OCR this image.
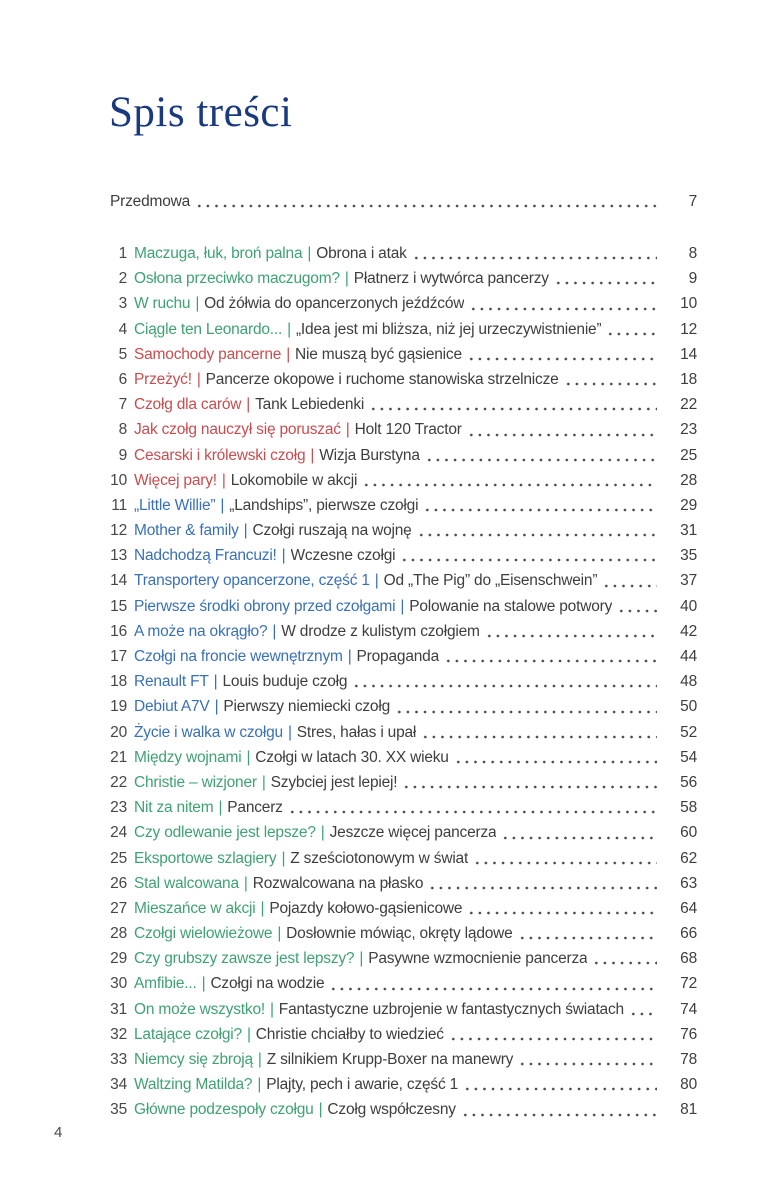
Spis treści
Przedmowa	7
1 Maczuga, łuk, broń palna | Obrona i atak	8
2 Osłona przeciwko maczugom? | Płatnerz i wytwórca pancerzy	9
3 W ruchu | Od żółwia do opancerzonych jeźdźców	10
4 Ciągle ten Leonardo... | „Idea jest mi bliższa, niż jej urzeczywistnienie”	12
5 Samochody pancerne | Nie muszą być gąsienice	14
6 Przeżyć! | Pancerze okopowe i ruchome stanowiska strzelnicze	18
7 Czołg dla carów | Tank Lebiedenki	22
8 Jak czołg nauczył się poruszać | Holt 120 Tractor	23
9 Cesarski i królewski czołg | Wizja Burstyna	25
10 Więcej pary! | Lokomobile w akcji	28
11 „Little Willie” | „Landships”, pierwsze czołgi	29
12 Mother & family | Czołgi ruszają na wojnę	31
13 Nadchodzą Francuzi! | Wczesne czołgi	35
14 Transportery opancerzone, część 1 | Od „The Pig” do „Eisenschwein”	37
15 Pierwsze środki obrony przed czołgami | Polowanie na stalowe potwory	40
16 A może na okrągło? | W drodze z kulistym czołgiem	42
17 Czołgi na froncie wewnętrznym | Propaganda	44
18 Renault FT | Louis buduje czołg	48
19 Debiut A7V | Pierwszy niemiecki czołg	50
20 Życie i walka w czołgu | Stres, hałas i upał	52
21 Między wojnami | Czołgi w latach 30. XX wieku	54
22 Christie – wizjoner | Szybciej jest lepiej!	56
23 Nit za nitem | Pancerz	58
24 Czy odlewanie jest lepsze? | Jeszcze więcej pancerza	60
25 Eksportowe szlagiery | Z sześciotonowym w świat	62
26 Stal walcowana | Rozwalcowana na płasko	63
27 Mieszańce w akcji | Pojazdy kołowo-gąsienicowe	64
28 Czołgi wielowieżowe | Dosłownie mówiąc, okręty lądowe	66
29 Czy grubszy zawsze jest lepszy? | Pasywne wzmocnienie pancerza	68
30 Amfibie... | Czołgi na wodzie	72
31 On może wszystko! | Fantastyczne uzbrojenie w fantastycznych światach	74
32 Latające czołgi? | Christie chciałby to wiedzieć	76
33 Niemcy się zbroją | Z silnikiem Krupp-Boxer na manewry	78
34 Waltzing Matilda? | Plajty, pech i awarie, część 1	80
35 Główne podzespoły czołgu | Czołg współczesny	81
4
